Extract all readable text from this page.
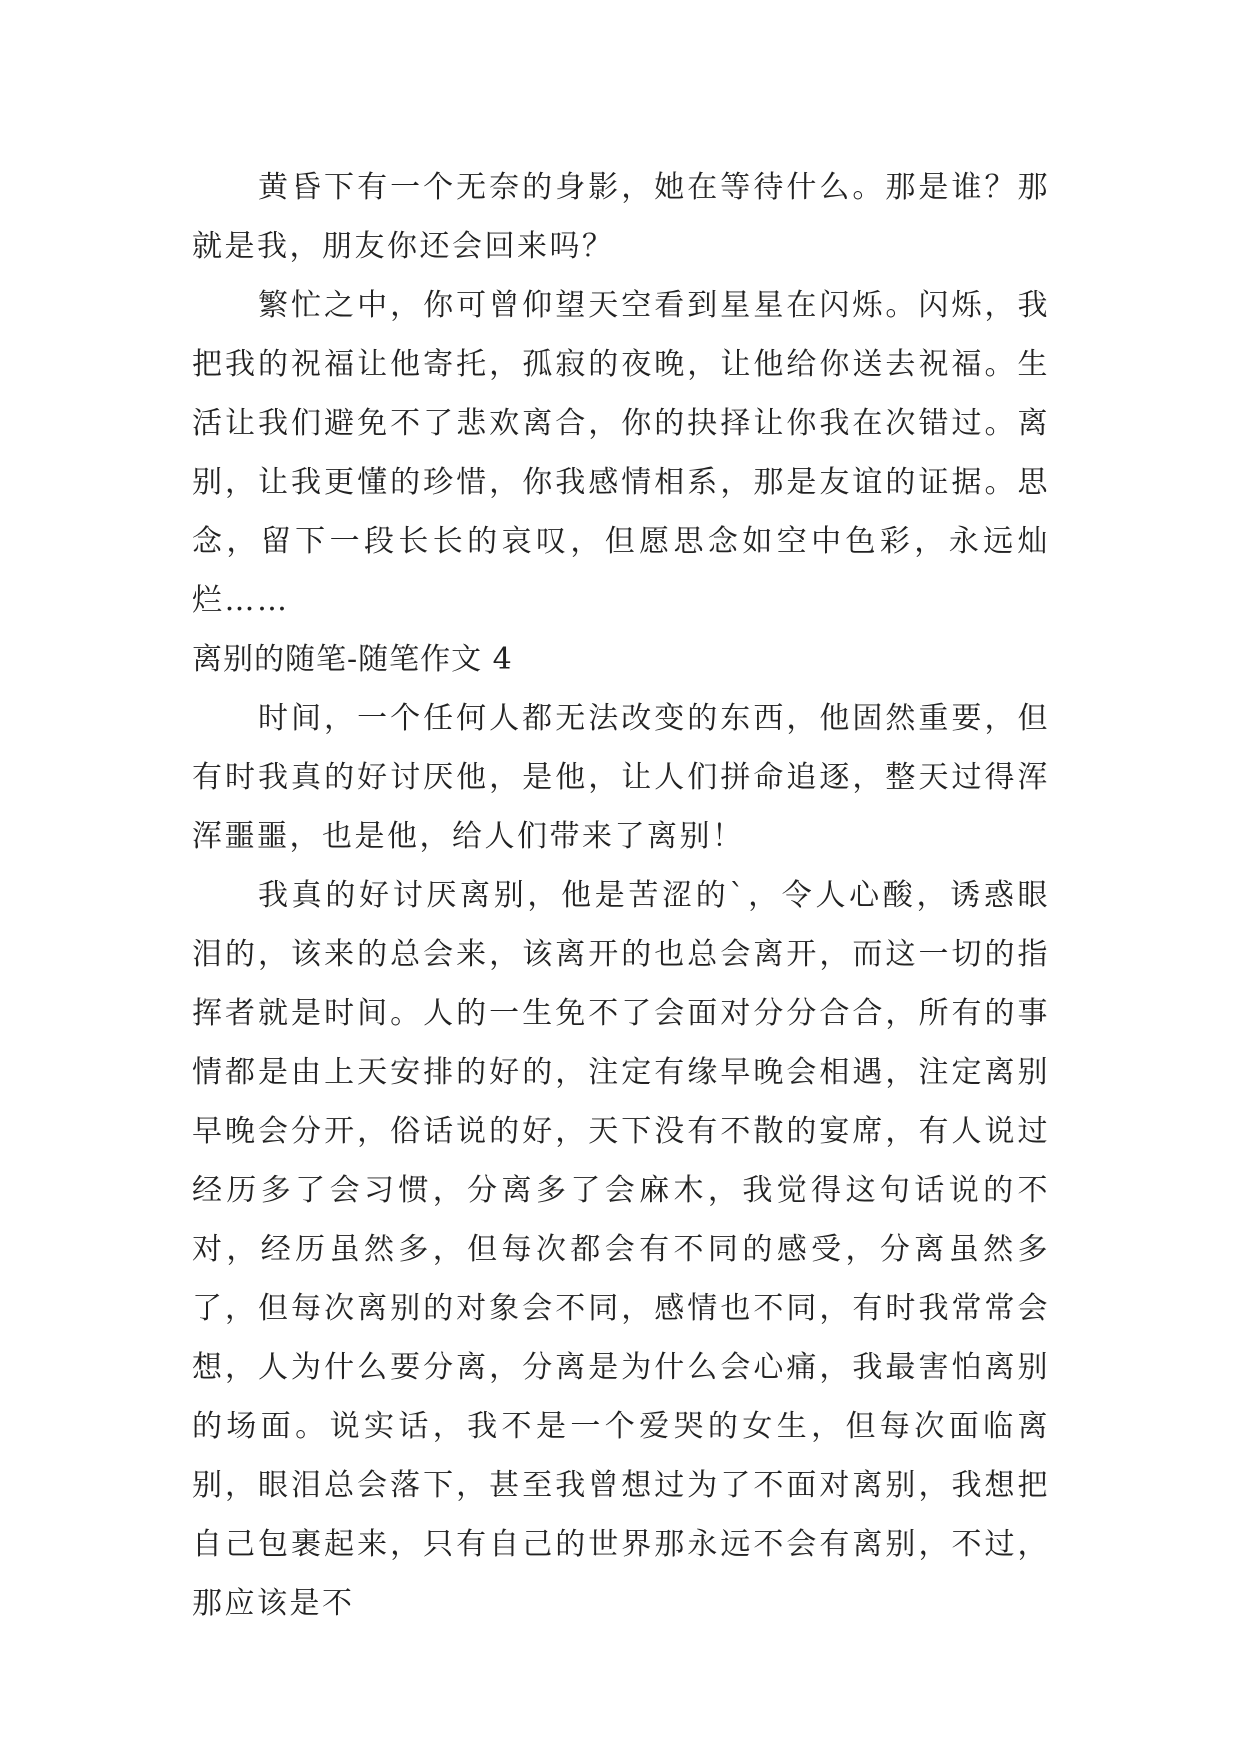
黄昏下有一个无奈的身影，她在等待什么。那是谁？那就是我，朋友你还会回来吗？

繁忙之中，你可曾仰望天空看到星星在闪烁。闪烁，我把我的祝福让他寄托，孤寂的夜晚，让他给你送去祝福。生活让我们避免不了悲欢离合，你的抉择让你我在次错过。离别，让我更懂的珍惜，你我感情相系，那是友谊的证据。思念，留下一段长长的哀叹，但愿思念如空中色彩，永远灿烂……

离别的随笔-随笔作文 4

时间，一个任何人都无法改变的东西，他固然重要，但有时我真的好讨厌他，是他，让人们拼命追逐，整天过得浑浑噩噩，也是他，给人们带来了离别！

我真的好讨厌离别，他是苦涩的`，令人心酸，诱惑眼泪的，该来的总会来，该离开的也总会离开，而这一切的指挥者就是时间。人的一生免不了会面对分分合合，所有的事情都是由上天安排的好的，注定有缘早晚会相遇，注定离别早晚会分开，俗话说的好，天下没有不散的宴席，有人说过经历多了会习惯，分离多了会麻木，我觉得这句话说的不对，经历虽然多，但每次都会有不同的感受，分离虽然多了，但每次离别的对象会不同，感情也不同，有时我常常会想，人为什么要分离，分离是为什么会心痛，我最害怕离别的场面。说实话，我不是一个爱哭的女生，但每次面临离别，眼泪总会落下，甚至我曾想过为了不面对离别，我想把自己包裹起来，只有自己的世界那永远不会有离别，不过，那应该是不
